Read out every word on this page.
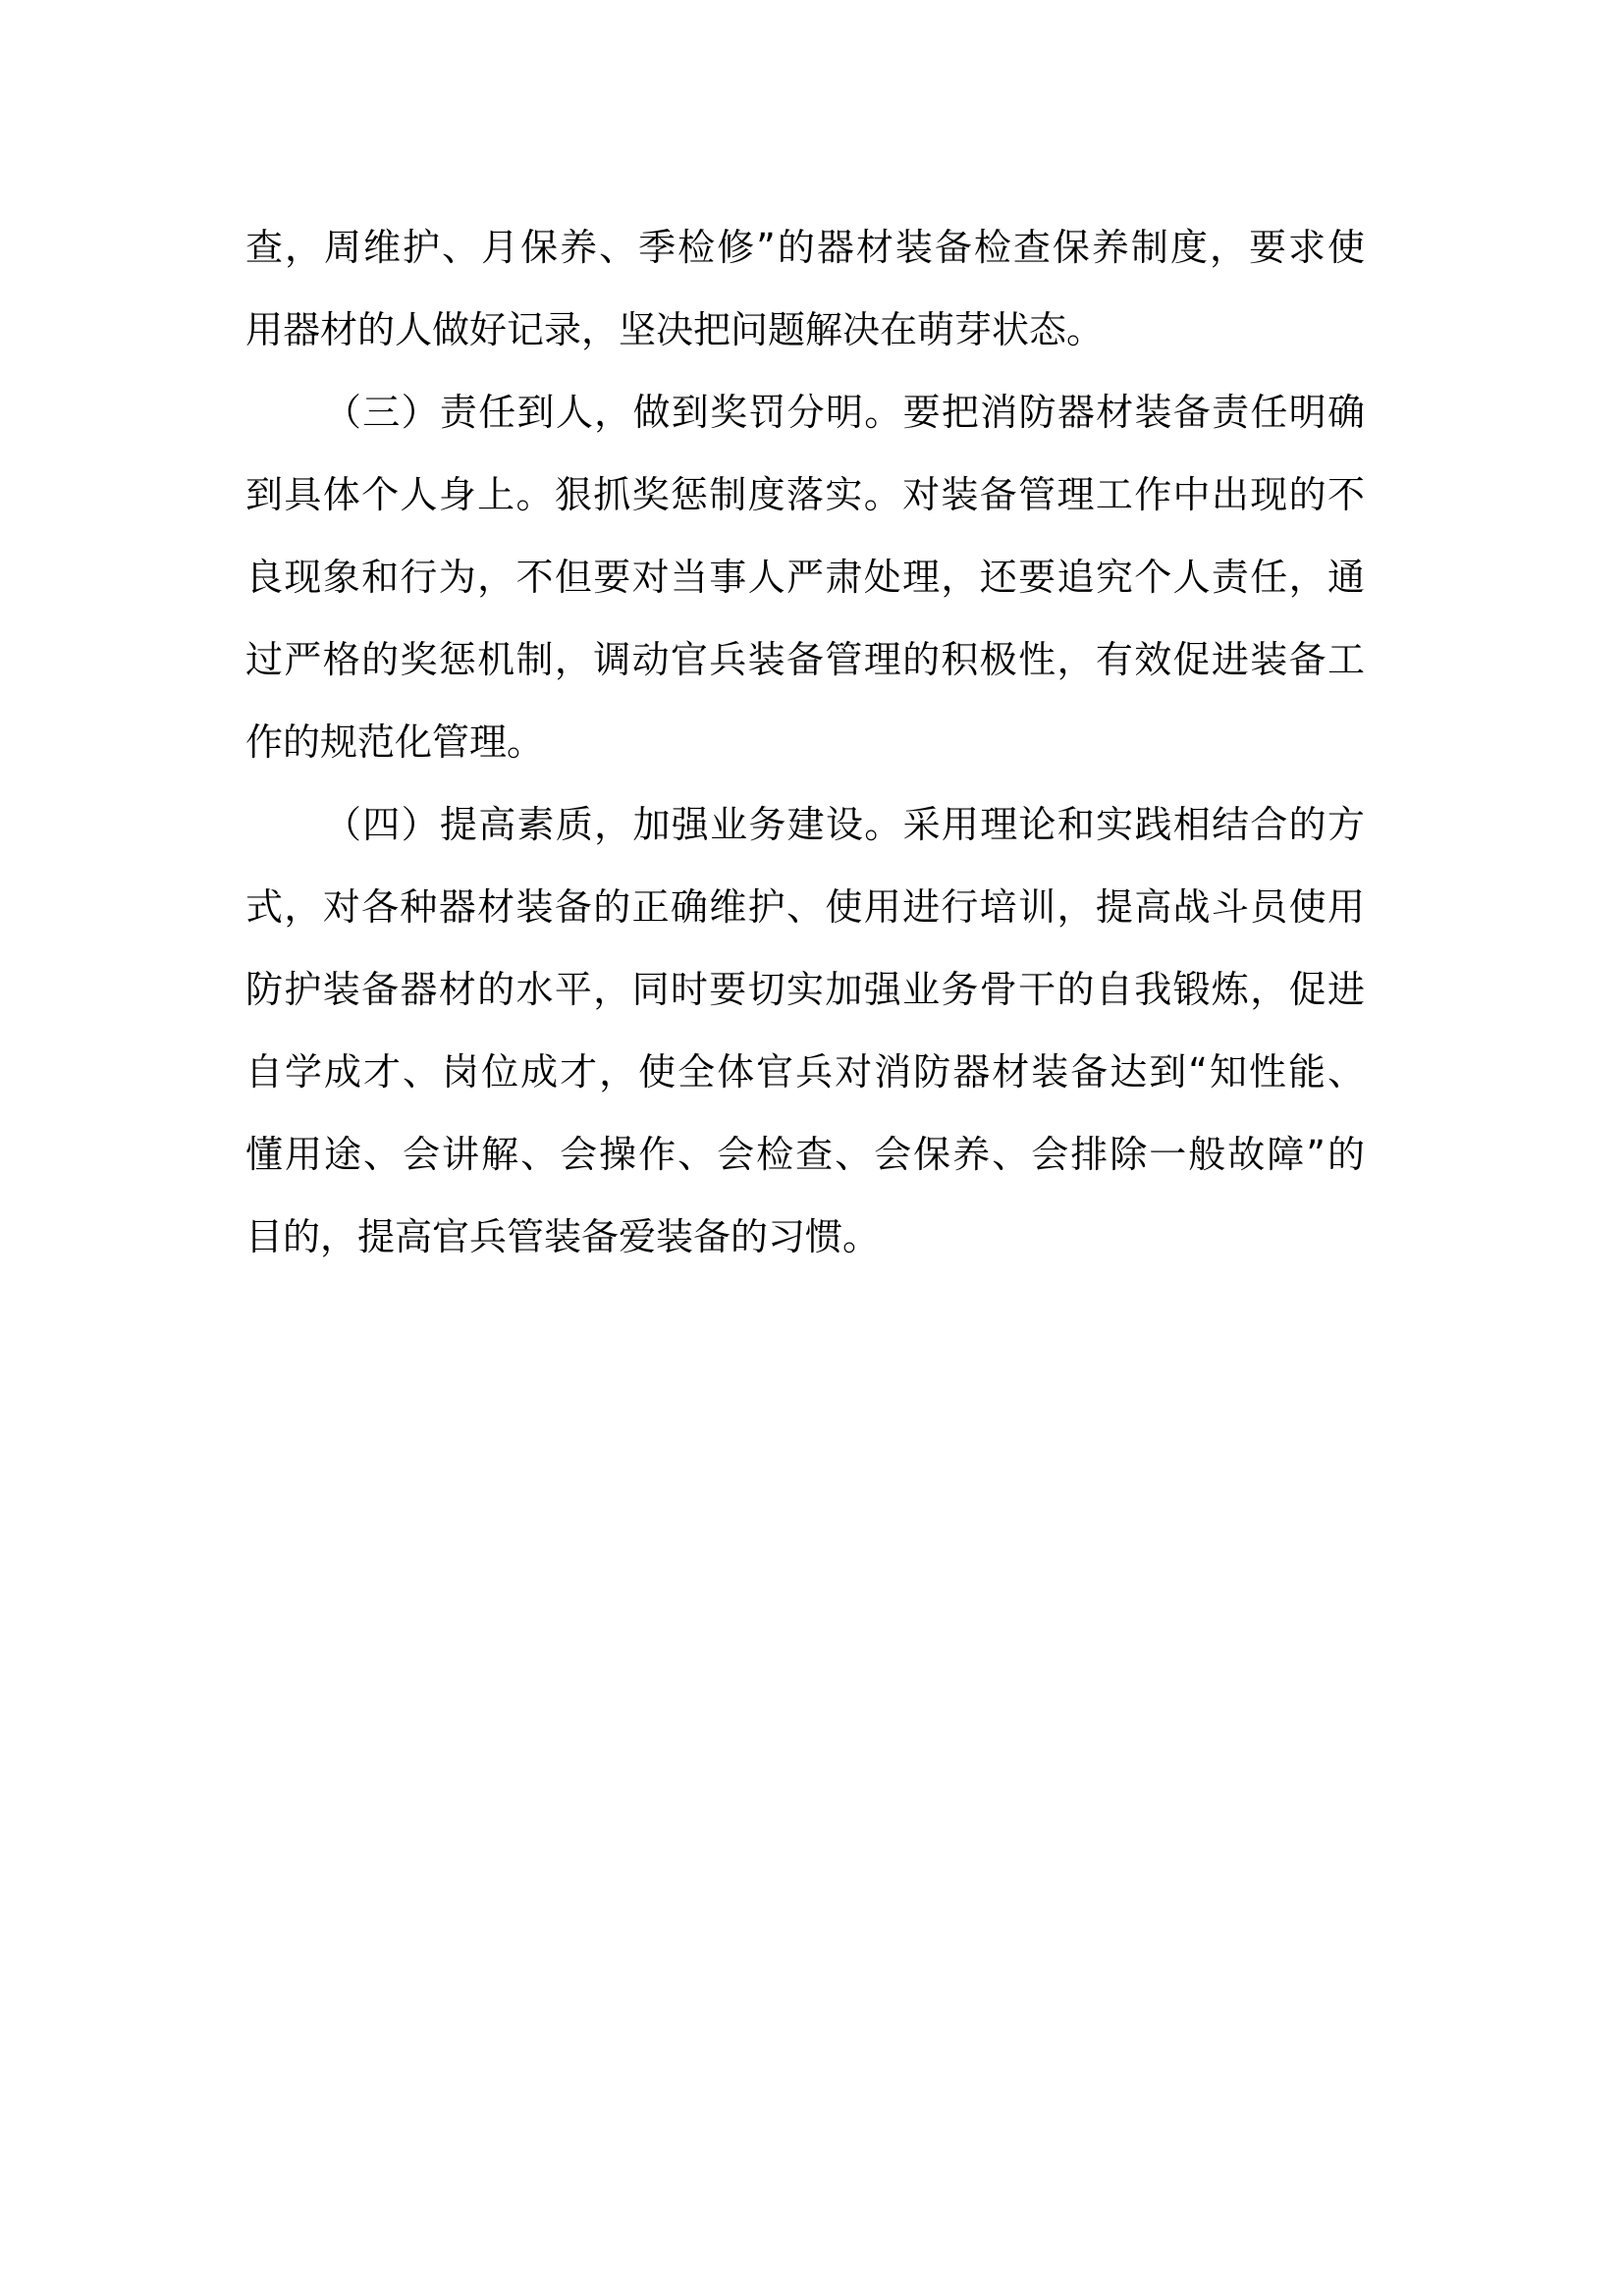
查，周维护、月保养、季检修”的器材装备检查保养制度，要求使
用器材的人做好记录，坚决把问题解决在萌芽状态。
（三）责任到人，做到奖罚分明。要把消防器材装备责任明确
到具体个人身上。狠抓奖惩制度落实。对装备管理工作中出现的不
良现象和行为，不但要对当事人严肃处理，还要追究个人责任，通
过严格的奖惩机制，调动官兵装备管理的积极性，有效促进装备工
作的规范化管理。
（四）提高素质，加强业务建设。采用理论和实践相结合的方
式，对各种器材装备的正确维护、使用进行培训，提高战斗员使用
防护装备器材的水平，同时要切实加强业务骨干的自我锻炼，促进
自学成才、岗位成才，使全体官兵对消防器材装备达到“知性能、
懂用途、会讲解、会操作、会检查、会保养、会排除一般故障”的
目的，提高官兵管装备爱装备的习惯。
